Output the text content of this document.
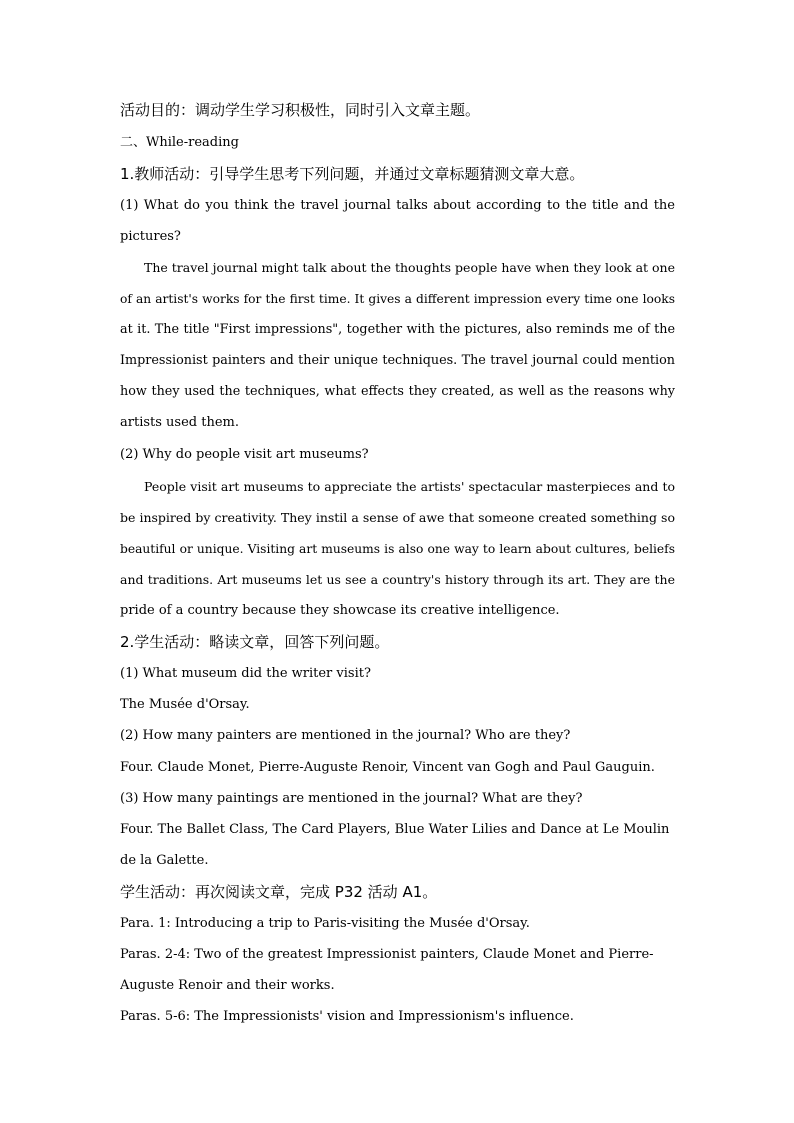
活动目的：调动学生学习积极性，同时引入文章主题。
二、While-reading
1.教师活动：引导学生思考下列问题，并通过文章标题猜测文章大意。
(1) What do you think the travel journal talks about according to the title and the
pictures?
The travel journal might talk about the thoughts people have when they look at one
of an artist's works for the first time. It gives a different impression every time one looks
at it. The title "First impressions", together with the pictures, also reminds me of the
Impressionist painters and their unique techniques. The travel journal could mention
how they used the techniques, what effects they created, as well as the reasons why
artists used them.
(2) Why do people visit art museums?
People visit art museums to appreciate the artists' spectacular masterpieces and to
be inspired by creativity. They instil a sense of awe that someone created something so
beautiful or unique. Visiting art museums is also one way to learn about cultures, beliefs
and traditions. Art museums let us see a country's history through its art. They are the
pride of a country because they showcase its creative intelligence.
2.学生活动：略读文章，回答下列问题。
(1) What museum did the writer visit?
The Musée d'Orsay.
(2) How many painters are mentioned in the journal? Who are they?
Four. Claude Monet, Pierre-Auguste Renoir, Vincent van Gogh and Paul Gauguin.
(3) How many paintings are mentioned in the journal? What are they?
Four. The Ballet Class, The Card Players, Blue Water Lilies and Dance at Le Moulin
de la Galette.
学生活动：再次阅读文章，完成 P32 活动 A1。
Para. 1: Introducing a trip to Paris-visiting the Musée d'Orsay.
Paras. 2-4: Two of the greatest Impressionist painters, Claude Monet and Pierre-
Auguste Renoir and their works.
Paras. 5-6: The Impressionists' vision and Impressionism's influence.
